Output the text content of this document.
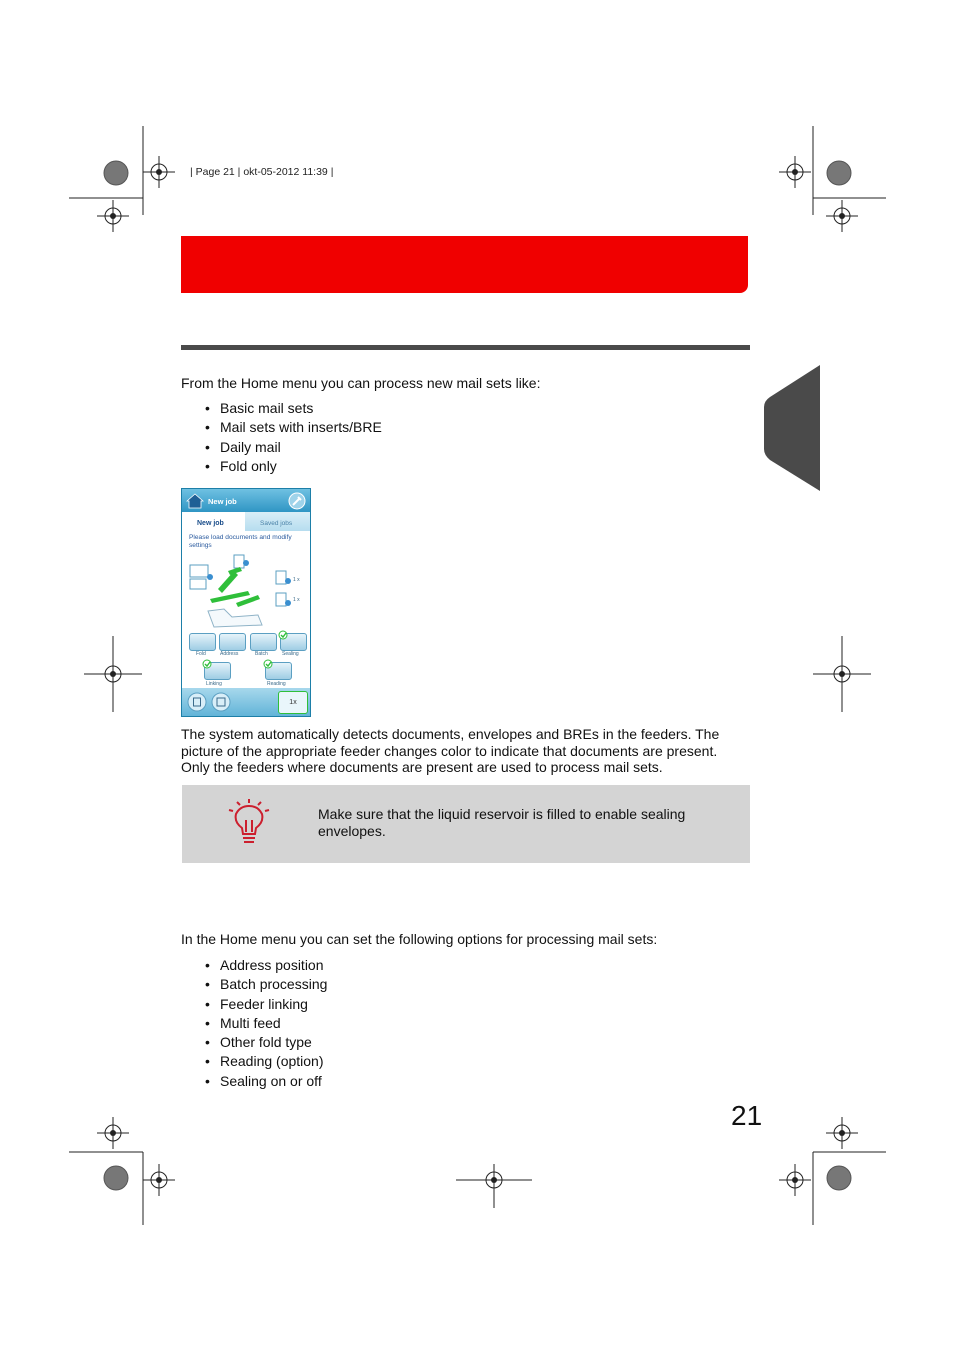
| Page 21 | okt-05-2012 11:39 |
From the Home menu you can process new mail sets like:
• Basic mail sets
• Mail sets with inserts/BRE
• Daily mail
• Fold only
New job
New job	Saved jobs
Please load documents and modify settings
1 x
1 x
Fold	Address	Batch	Sealing
Linking	Reading
1x
The system automatically detects documents, envelopes and BREs in the feeders. The picture of the appropriate feeder changes color to indicate that documents are present. Only the feeders where documents are present are used to process mail sets.
Make sure that the liquid reservoir is filled to enable sealing envelopes.
In the Home menu you can set the following options for processing mail sets:
• Address position
• Batch processing
• Feeder linking
• Multi feed
• Other fold type
• Reading (option)
• Sealing on or off
21
